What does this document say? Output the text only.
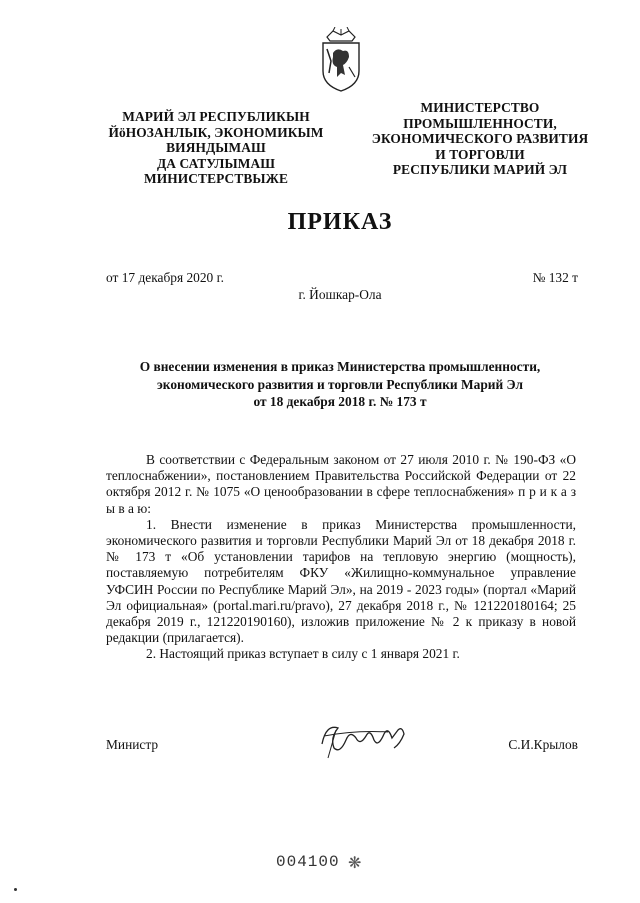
МАРИЙ ЭЛ РЕСПУБЛИКЫН
ЙӧНОЗАНЛЫК, ЭКОНОМИКЫМ
ВИЯНДЫМАШ
ДА САТУЛЫМАШ
МИНИСТЕРСТВЫЖЕ
МИНИСТЕРСТВО
ПРОМЫШЛЕННОСТИ,
ЭКОНОМИЧЕСКОГО РАЗВИТИЯ
И ТОРГОВЛИ
РЕСПУБЛИКИ МАРИЙ ЭЛ
ПРИКАЗ
от 17 декабря 2020 г.	№ 132 т
г. Йошкар-Ола
О внесении изменения в приказ Министерства промышленности,
экономического развития и торговли Республики Марий Эл
от 18 декабря 2018 г. № 173 т

В соответствии с Федеральным законом от 27 июля 2010 г. № 190-ФЗ «О теплоснабжении», постановлением Правительства Российской Федерации от 22 октября 2012 г. № 1075 «О ценообразовании в сфере теплоснабжения» п р и к а з ы в а ю:

1. Внести изменение в приказ Министерства промышленности, экономического развития и торговли Республики Марий Эл от 18 декабря 2018 г. № 173 т «Об установлении тарифов на тепловую энергию (мощность), поставляемую потребителям ФКУ «Жилищно-коммунальное управление УФСИН России по Республике Марий Эл», на 2019 - 2023 годы» (портал «Марий Эл официальная» (portal.mari.ru/pravo), 27 декабря 2018 г., № 121220180164; 25 декабря 2019 г., 121220190160), изложив приложение № 2 к приказу в новой редакции (прилагается).

2. Настоящий приказ вступает в силу с 1 января 2021 г.

Министр	С.И.Крылов
004100 ❋
